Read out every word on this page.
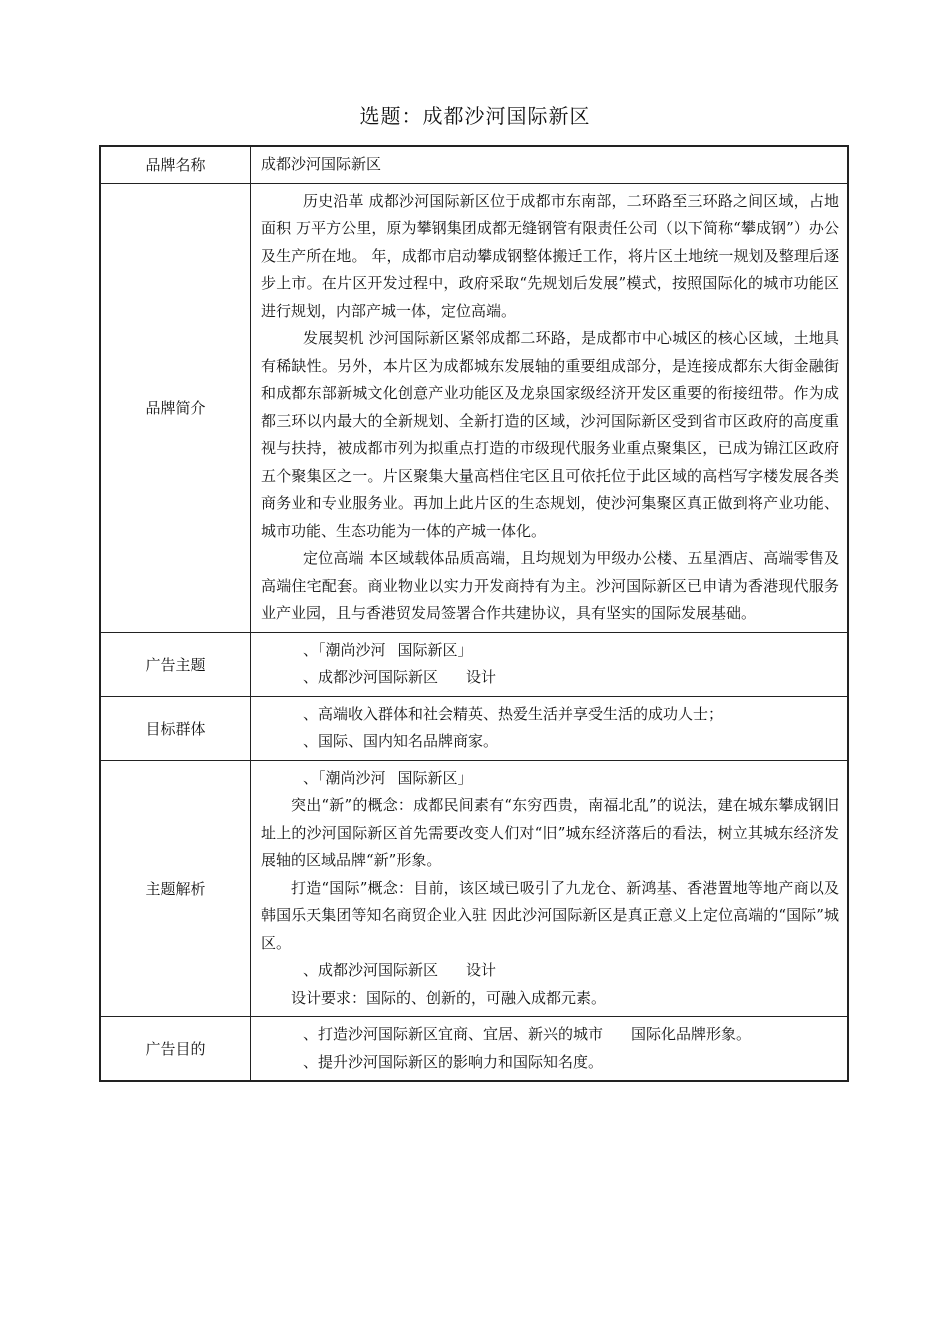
选题：成都沙河国际新区
品牌名称	成都沙河国际新区
品牌简介	历史沿革 成都沙河国际新区位于成都市东南部，二环路至三环路之间区域，占地面积 万平方公里，原为攀钢集团成都无缝钢管有限责任公司（以下简称“攀成钢”）办公及生产所在地。 年，成都市启动攀成钢整体搬迁工作，将片区土地统一规划及整理后逐步上市。在片区开发过程中，政府采取“先规划后发展”模式，按照国际化的城市功能区进行规划，内部产城一体，定位高端。

发展契机 沙河国际新区紧邻成都二环路，是成都市中心城区的核心区域，土地具有稀缺性。另外，本片区为成都城东发展轴的重要组成部分，是连接成都东大街金融街和成都东部新城文化创意产业功能区及龙泉国家级经济开发区重要的衔接纽带。作为成都三环以内最大的全新规划、全新打造的区域，沙河国际新区受到省市区政府的高度重视与扶持，被成都市列为拟重点打造的市级现代服务业重点聚集区，已成为锦江区政府五个聚集区之一。片区聚集大量高档住宅区且可依托位于此区域的高档写字楼发展各类商务业和专业服务业。再加上此片区的生态规划，使沙河集聚区真正做到将产业功能、城市功能、生态功能为一体的产城一体化。

定位高端 本区域载体品质高端，且均规划为甲级办公楼、五星酒店、高端零售及高端住宅配套。商业物业以实力开发商持有为主。沙河国际新区已申请为香港现代服务业产业园，且与香港贸发局签署合作共建协议，具有坚实的国际发展基础。

广告主题	、「潮尚沙河 国际新区」

、成都沙河国际新区 设计

目标群体	、高端收入群体和社会精英、热爱生活并享受生活的成功人士；

、国际、国内知名品牌商家。

主题解析	、「潮尚沙河 国际新区」

突出“新”的概念：成都民间素有“东穷西贵，南福北乱”的说法，建在城东攀成钢旧址上的沙河国际新区首先需要改变人们对“旧”城东经济落后的看法，树立其城东经济发展轴的区域品牌“新”形象。

打造“国际”概念：目前，该区域已吸引了九龙仓、新鸿基、香港置地等地产商以及韩国乐天集团等知名商贸企业入驻 因此沙河国际新区是真正意义上定位高端的“国际”城区。

、成都沙河国际新区 设计

设计要求：国际的、创新的，可融入成都元素。

广告目的	、打造沙河国际新区宜商、宜居、新兴的城市 国际化品牌形象。

、提升沙河国际新区的影响力和国际知名度。
